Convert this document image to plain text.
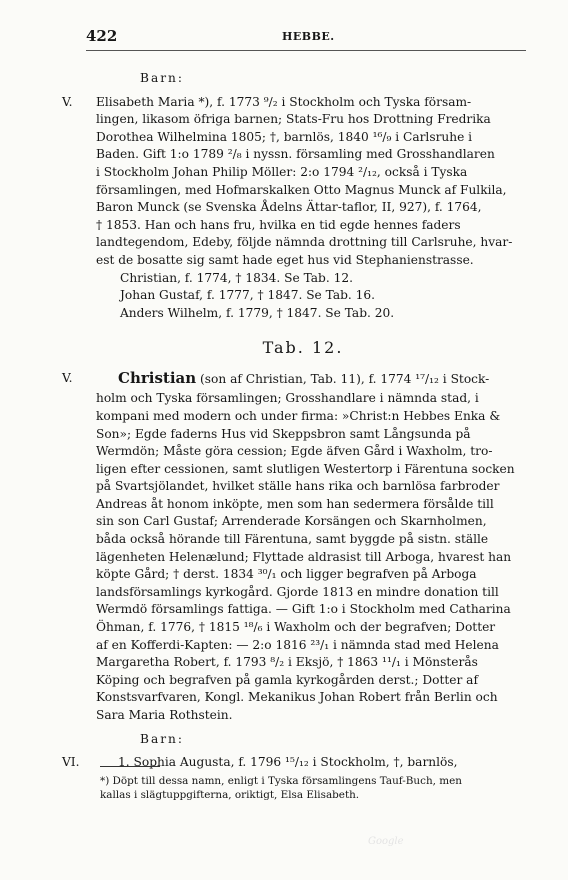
422	HEBBE.
Barn:
V. Elisabeth Maria *), f. 1773 ⁹/₂ i Stockholm och Tyska försam-
lingen, likasom öfriga barnen; Stats-Fru hos Drottning Fredrika
Dorothea Wilhelmina 1805; †, barnlös, 1840 ¹⁶/₉ i Carlsruhe i
Baden. Gift 1:o 1789 ²/₈ i nyssn. församling med Grosshandlaren
i Stockholm Johan Philip Möller: 2:o 1794 ²/₁₂, också i Tyska
församlingen, med Hofmarskalken Otto Magnus Munck af Fulkila,
Baron Munck (se Svenska Ådelns Ättar-taflor, II, 927), f. 1764,
† 1853. Han och hans fru, hvilka en tid egde hennes faders
landtegendom, Edeby, följde nämnda drottning till Carlsruhe, hvar-
est de bosatte sig samt hade eget hus vid Stephanienstrasse.
Christian, f. 1774, † 1834. Se Tab. 12.
Johan Gustaf, f. 1777, † 1847. Se Tab. 16.
Anders Wilhelm, f. 1779, † 1847. Se Tab. 20.
Tab. 12.
V.	Christian (son af Christian, Tab. 11), f. 1774 ¹⁷/₁₂ i Stock-
holm och Tyska församlingen; Grosshandlare i nämnda stad, i
kompani med modern och under firma: »Christ:n Hebbes Enka &
Son»; Egde faderns Hus vid Skeppsbron samt Långsunda på
Wermdön; Måste göra cession; Egde äfven Gård i Waxholm, tro-
ligen efter cessionen, samt slutligen Westertorp i Färentuna socken
på Svartsjölandet, hvilket ställe hans rika och barnlösa farbroder
Andreas åt honom inköpte, men som han sedermera försålde till
sin son Carl Gustaf; Arrenderade Korsängen och Skarnholmen,
båda också hörande till Färentuna, samt byggde på sistn. ställe
lägenheten Helenælund; Flyttade aldrasist till Arboga, hvarest han
köpte Gård; † derst. 1834 ³⁰/₁ och ligger begrafven på Arboga
landsförsamlings kyrkogård. Gjorde 1813 en mindre donation till
Wermdö församlings fattiga. — Gift 1:o i Stockholm med Catharina
Öhman, f. 1776, † 1815 ¹⁸/₆ i Waxholm och der begrafven; Dotter
af en Kofferdi-Kapten: — 2:o 1816 ²³/₁ i nämnda stad med Helena
Margaretha Robert, f. 1793 ⁸/₂ i Eksjö, † 1863 ¹¹/₁ i Mönsterås
Köping och begrafven på gamla kyrkogården derst.; Dotter af
Konstsvarfvaren, Kongl. Mekanikus Johan Robert från Berlin och
Sara Maria Rothstein.
Barn:
VI.	1. Sophia Augusta, f. 1796 ¹⁵/₁₂ i Stockholm, †, barnlös,
*) Döpt till dessa namn, enligt i Tyska församlingens Tauf-Buch, men
kallas i slägtuppgifterna, oriktigt, Elsa Elisabeth.
Google
